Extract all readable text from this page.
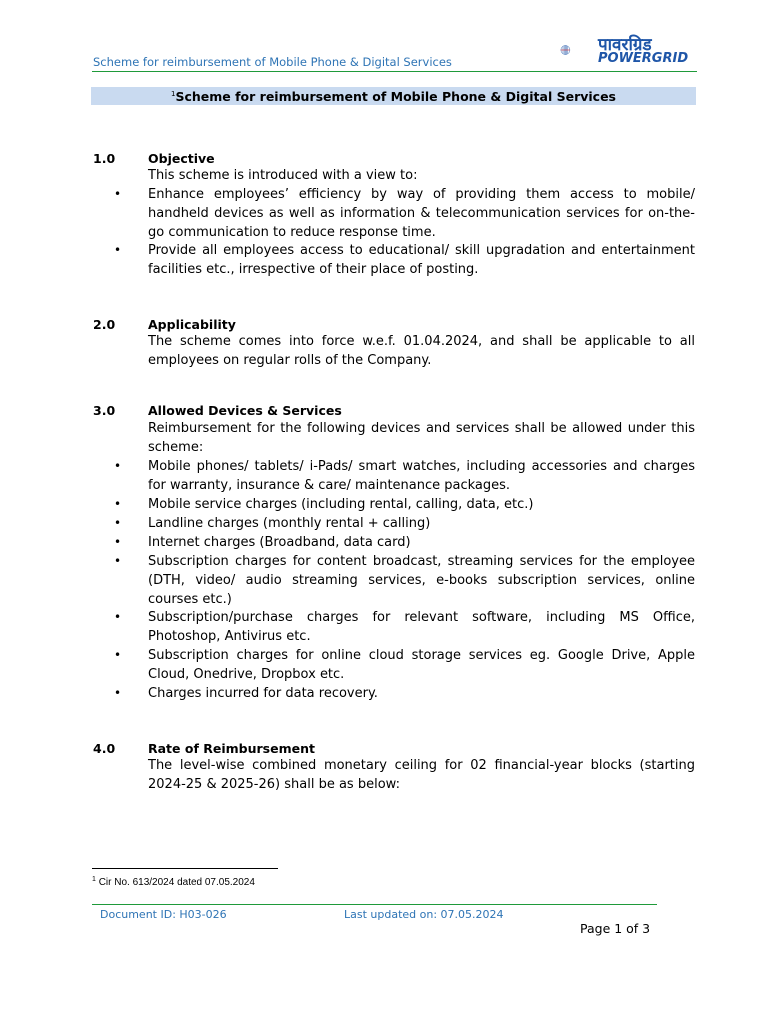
Scheme for reimbursement of Mobile Phone & Digital Services
पावरग्रिड
POWERGRID
$^1$Scheme for reimbursement of Mobile Phone & Digital Services
1.0	Objective
This scheme is introduced with a view to:
• Enhance employees’ efficiency by way of providing them access to mobile/ handheld devices as well as information & telecommunication services for on-the-go communication to reduce response time.
• Provide all employees access to educational/ skill upgradation and entertainment facilities etc., irrespective of their place of posting.
2.0	Applicability
The scheme comes into force w.e.f. 01.04.2024, and shall be applicable to all employees on regular rolls of the Company.
3.0	Allowed Devices & Services
Reimbursement for the following devices and services shall be allowed under this scheme:
• Mobile phones/ tablets/ i-Pads/ smart watches, including accessories and charges for warranty, insurance & care/ maintenance packages.
• Mobile service charges (including rental, calling, data, etc.)
• Landline charges (monthly rental + calling)
• Internet charges (Broadband, data card)
• Subscription charges for content broadcast, streaming services for the employee (DTH, video/ audio streaming services, e-books subscription services, online courses etc.)
• Subscription/purchase charges for relevant software, including MS Office, Photoshop, Antivirus etc.
• Subscription charges for online cloud storage services eg. Google Drive, Apple Cloud, Onedrive, Dropbox etc.
• Charges incurred for data recovery.
4.0	Rate of Reimbursement
The level-wise combined monetary ceiling for 02 financial-year blocks (starting 2024-25 & 2025-26) shall be as below:
$^1$ Cir No. 613/2024 dated 07.05.2024
Document ID: H03-026	Last updated on: 07.05.2024
Page 1 of 3
